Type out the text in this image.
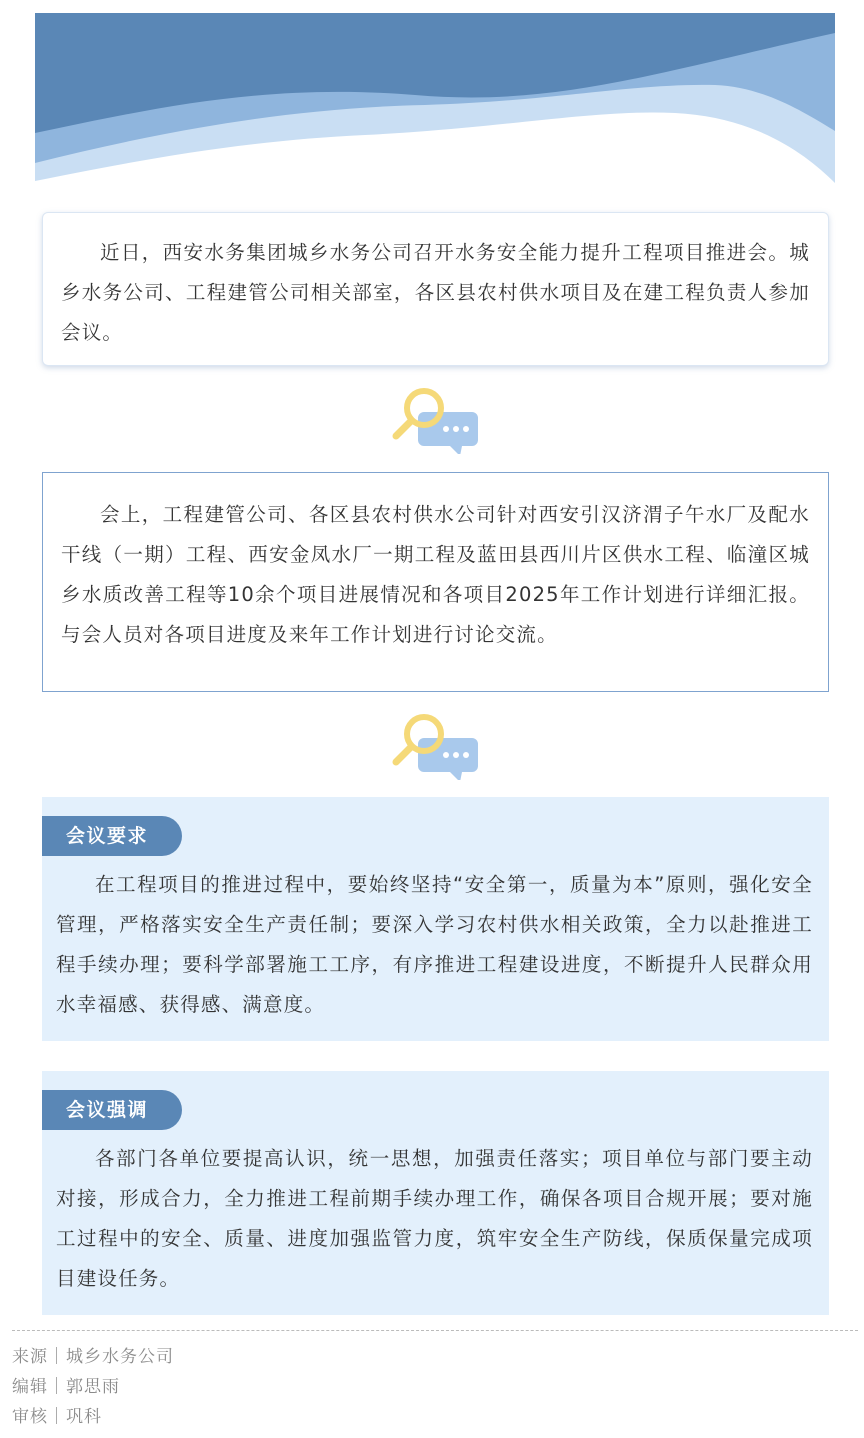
近日，西安水务集团城乡水务公司召开水务安全能力提升工程项目推进会。城乡水务公司、工程建管公司相关部室，各区县农村供水项目及在建工程负责人参加会议。

会上，工程建管公司、各区县农村供水公司针对西安引汉济渭子午水厂及配水干线（一期）工程、西安金凤水厂一期工程及蓝田县西川片区供水工程、临潼区城乡水质改善工程等10余个项目进展情况和各项目2025年工作计划进行详细汇报。与会人员对各项目进度及来年工作计划进行讨论交流。

会议要求

在工程项目的推进过程中，要始终坚持“安全第一，质量为本”原则，强化安全管理，严格落实安全生产责任制；要深入学习农村供水相关政策，全力以赴推进工程手续办理；要科学部署施工工序，有序推进工程建设进度，不断提升人民群众用水幸福感、获得感、满意度。

会议强调

各部门各单位要提高认识，统一思想，加强责任落实；项目单位与部门要主动对接，形成合力，全力推进工程前期手续办理工作，确保各项目合规开展；要对施工过程中的安全、质量、进度加强监管力度，筑牢安全生产防线，保质保量完成项目建设任务。

来源｜城乡水务公司
编辑｜郭思雨
审核｜巩科
